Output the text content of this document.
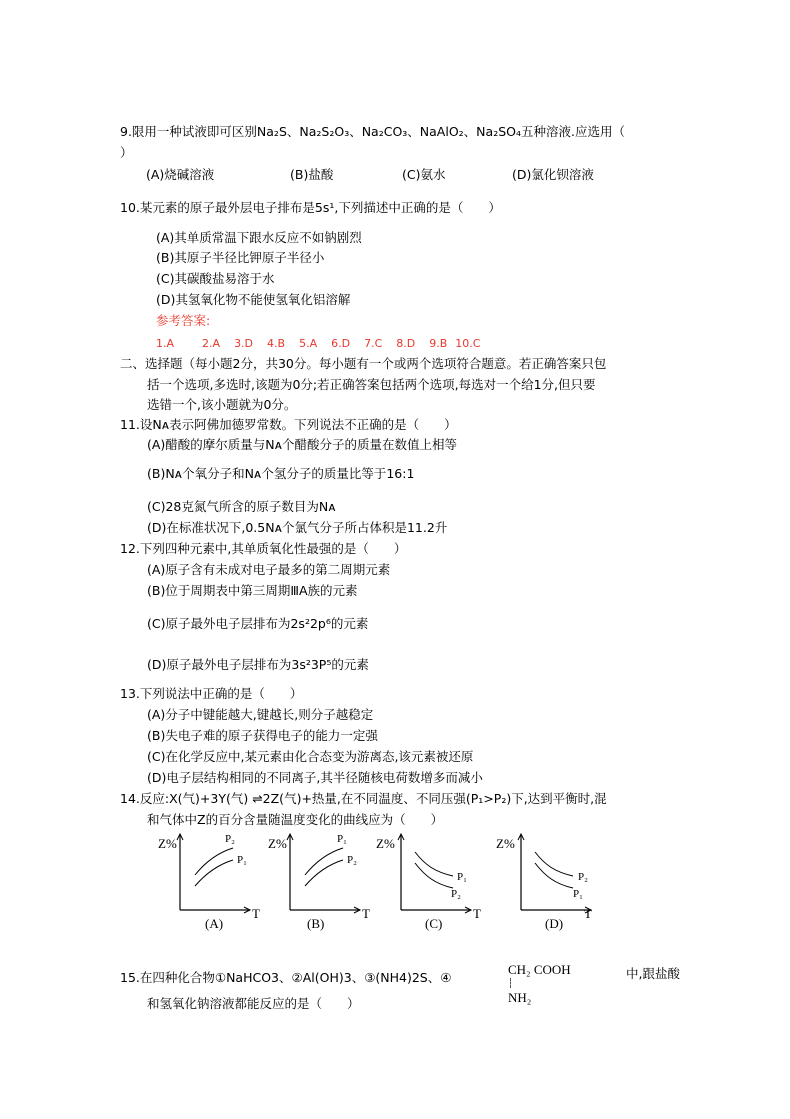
9.限用一种试液即可区别Na₂S、Na₂S₂O₃、Na₂CO₃、NaAlO₂、Na₂SO₄五种溶液.应选用（
）
(A)烧碱溶液	(B)盐酸	(C)氨水	(D)氯化钡溶液
10.某元素的原子最外层电子排布是5s¹,下列描述中正确的是（　　）
(A)其单质常温下跟水反应不如钠剧烈
(B)其原子半径比钾原子半径小
(C)其碳酸盐易溶于水
(D)其氢氧化物不能使氢氧化铝溶解
参考答案:
1.A	2.A 3.D 4.B 5.A 6.D 7.C 8.D 9.B 10.C
二、选择题（每小题2分，共30分。每小题有一个或两个选项符合题意。若正确答案只包
括一个选项,多选时,该题为0分;若正确答案包括两个选项,每选对一个给1分,但只要
选错一个,该小题就为0分。
11.设Nᴀ表示阿佛加德罗常数。下列说法不正确的是（　　）
(A)醋酸的摩尔质量与Nᴀ个醋酸分子的质量在数值上相等
(B)Nᴀ个氧分子和Nᴀ个氢分子的质量比等于16:1
(C)28克氮气所含的原子数目为Nᴀ
(D)在标准状况下,0.5Nᴀ个氯气分子所占体积是11.2升
12.下列四种元素中,其单质氧化性最强的是（　　）
(A)原子含有未成对电子最多的第二周期元素
(B)位于周期表中第三周期ⅢA族的元素
(C)原子最外电子层排布为2s²2p⁶的元素
(D)原子最外电子层排布为3s²3P⁵的元素
13.下列说法中正确的是（　　）
(A)分子中键能越大,键越长,则分子越稳定
(B)失电子难的原子获得电子的能力一定强
(C)在化学反应中,某元素由化合态变为游离态,该元素被还原
(D)电子层结构相同的不同离子,其半径随核电荷数增多而减小
14.反应:X(气)+3Y(气) ⇌2Z(气)+热量,在不同温度、不同压强(P₁>P₂)下,达到平衡时,混
和气体中Z的百分含量随温度变化的曲线应为（　　）
Z%
T
P₂
P₁
(A)
Z%
T
P₁
P₂
(B)
Z%
T
P₁
P₂
(C)
Z%
T
P₂
P₁
(D)
15.在四种化合物①NaHCO3、②Al(OH)3、③(NH4)2S、④
CH₂ COOH
NH₂
中,跟盐酸
和氢氧化钠溶液都能反应的是（　　）
